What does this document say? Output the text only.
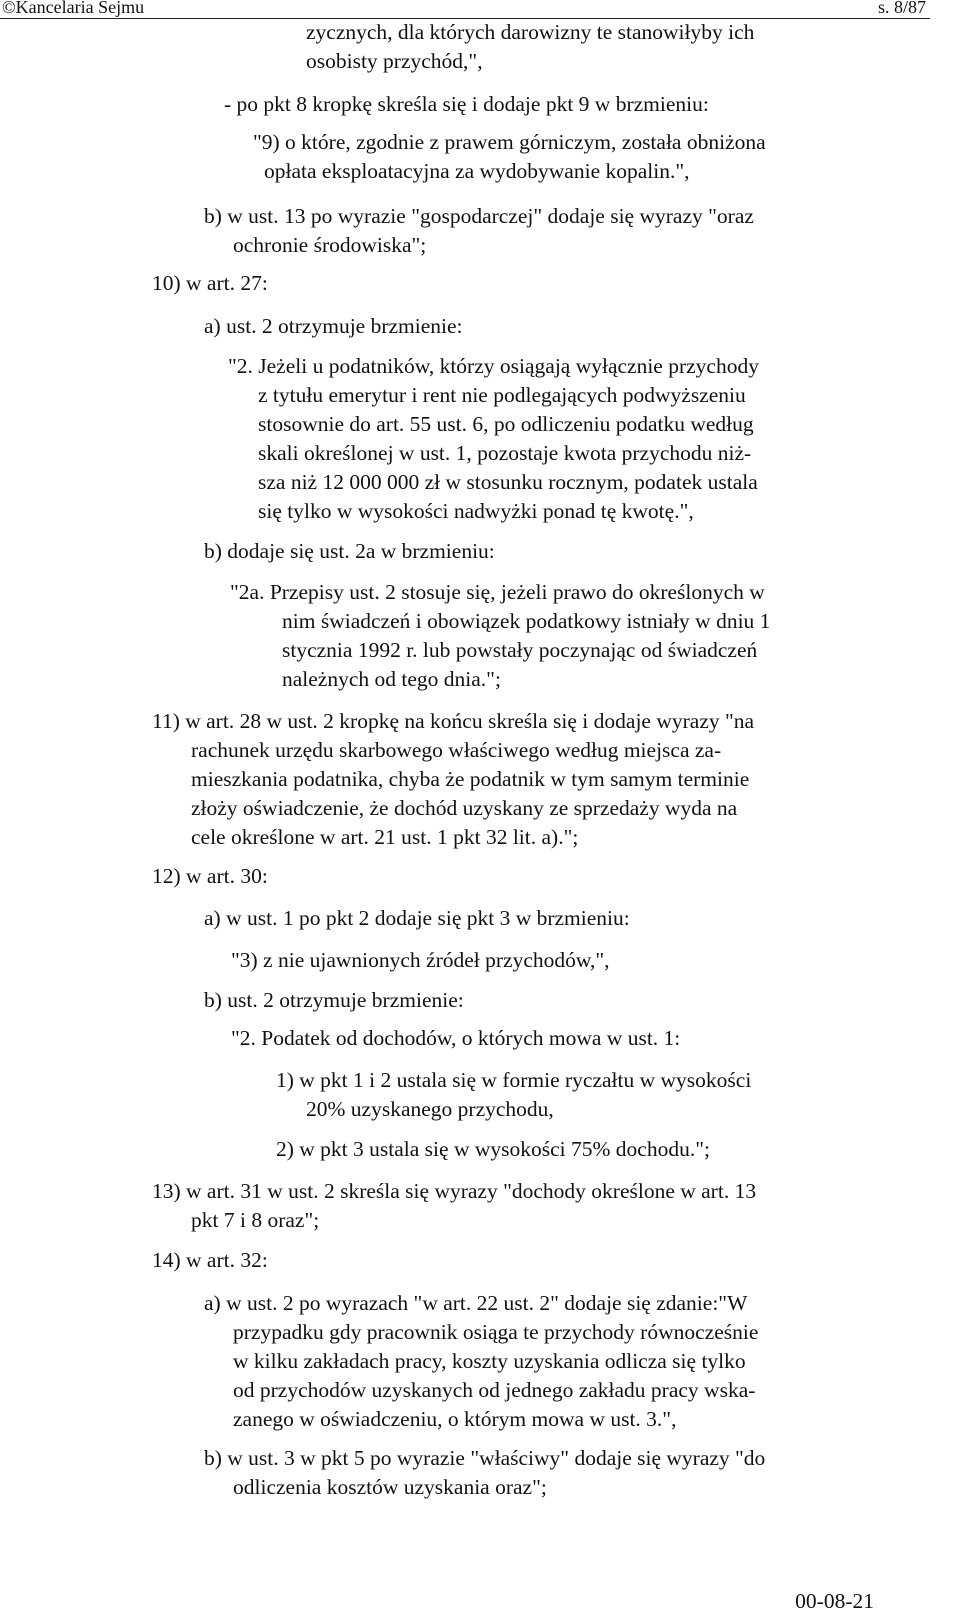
©Kancelaria Sejmu	s. 8/87
zycznych, dla których darowizny te stanowiłyby ich
osobisty przychód,",
- po pkt 8 kropkę skreśla się i dodaje pkt 9 w brzmieniu:
"9) o które, zgodnie z prawem górniczym, została obniżona
opłata eksploatacyjna za wydobywanie kopalin.",
b) w ust. 13 po wyrazie "gospodarczej" dodaje się wyrazy "oraz
ochronie środowiska";
10) w art. 27:
a) ust. 2 otrzymuje brzmienie:
"2. Jeżeli u podatników, którzy osiągają wyłącznie przychody
z tytułu emerytur i rent nie podlegających podwyższeniu
stosownie do art. 55 ust. 6, po odliczeniu podatku według
skali określonej w ust. 1, pozostaje kwota przychodu niż-
sza niż 12 000 000 zł w stosunku rocznym, podatek ustala
się tylko w wysokości nadwyżki ponad tę kwotę.",
b) dodaje się ust. 2a w brzmieniu:
"2a. Przepisy ust. 2 stosuje się, jeżeli prawo do określonych w
nim świadczeń i obowiązek podatkowy istniały w dniu 1
stycznia 1992 r. lub powstały poczynając od świadczeń
należnych od tego dnia.";
11) w art. 28 w ust. 2 kropkę na końcu skreśla się i dodaje wyrazy "na
rachunek urzędu skarbowego właściwego według miejsca za-
mieszkania podatnika, chyba że podatnik w tym samym terminie
złoży oświadczenie, że dochód uzyskany ze sprzedaży wyda na
cele określone w art. 21 ust. 1 pkt 32 lit. a).";
12) w art. 30:
a) w ust. 1 po pkt 2 dodaje się pkt 3 w brzmieniu:
"3) z nie ujawnionych źródeł przychodów,",
b) ust. 2 otrzymuje brzmienie:
"2. Podatek od dochodów, o których mowa w ust. 1:
1) w pkt 1 i 2 ustala się w formie ryczałtu w wysokości
20% uzyskanego przychodu,
2) w pkt 3 ustala się w wysokości 75% dochodu.";
13) w art. 31 w ust. 2 skreśla się wyrazy "dochody określone w art. 13
pkt 7 i 8 oraz";
14) w art. 32:
a) w ust. 2 po wyrazach "w art. 22 ust. 2" dodaje się zdanie:"W
przypadku gdy pracownik osiąga te przychody równocześnie
w kilku zakładach pracy, koszty uzyskania odlicza się tylko
od przychodów uzyskanych od jednego zakładu pracy wska-
zanego w oświadczeniu, o którym mowa w ust. 3.",
b) w ust. 3 w pkt 5 po wyrazie "właściwy" dodaje się wyrazy "do
odliczenia kosztów uzyskania oraz";
00-08-21
